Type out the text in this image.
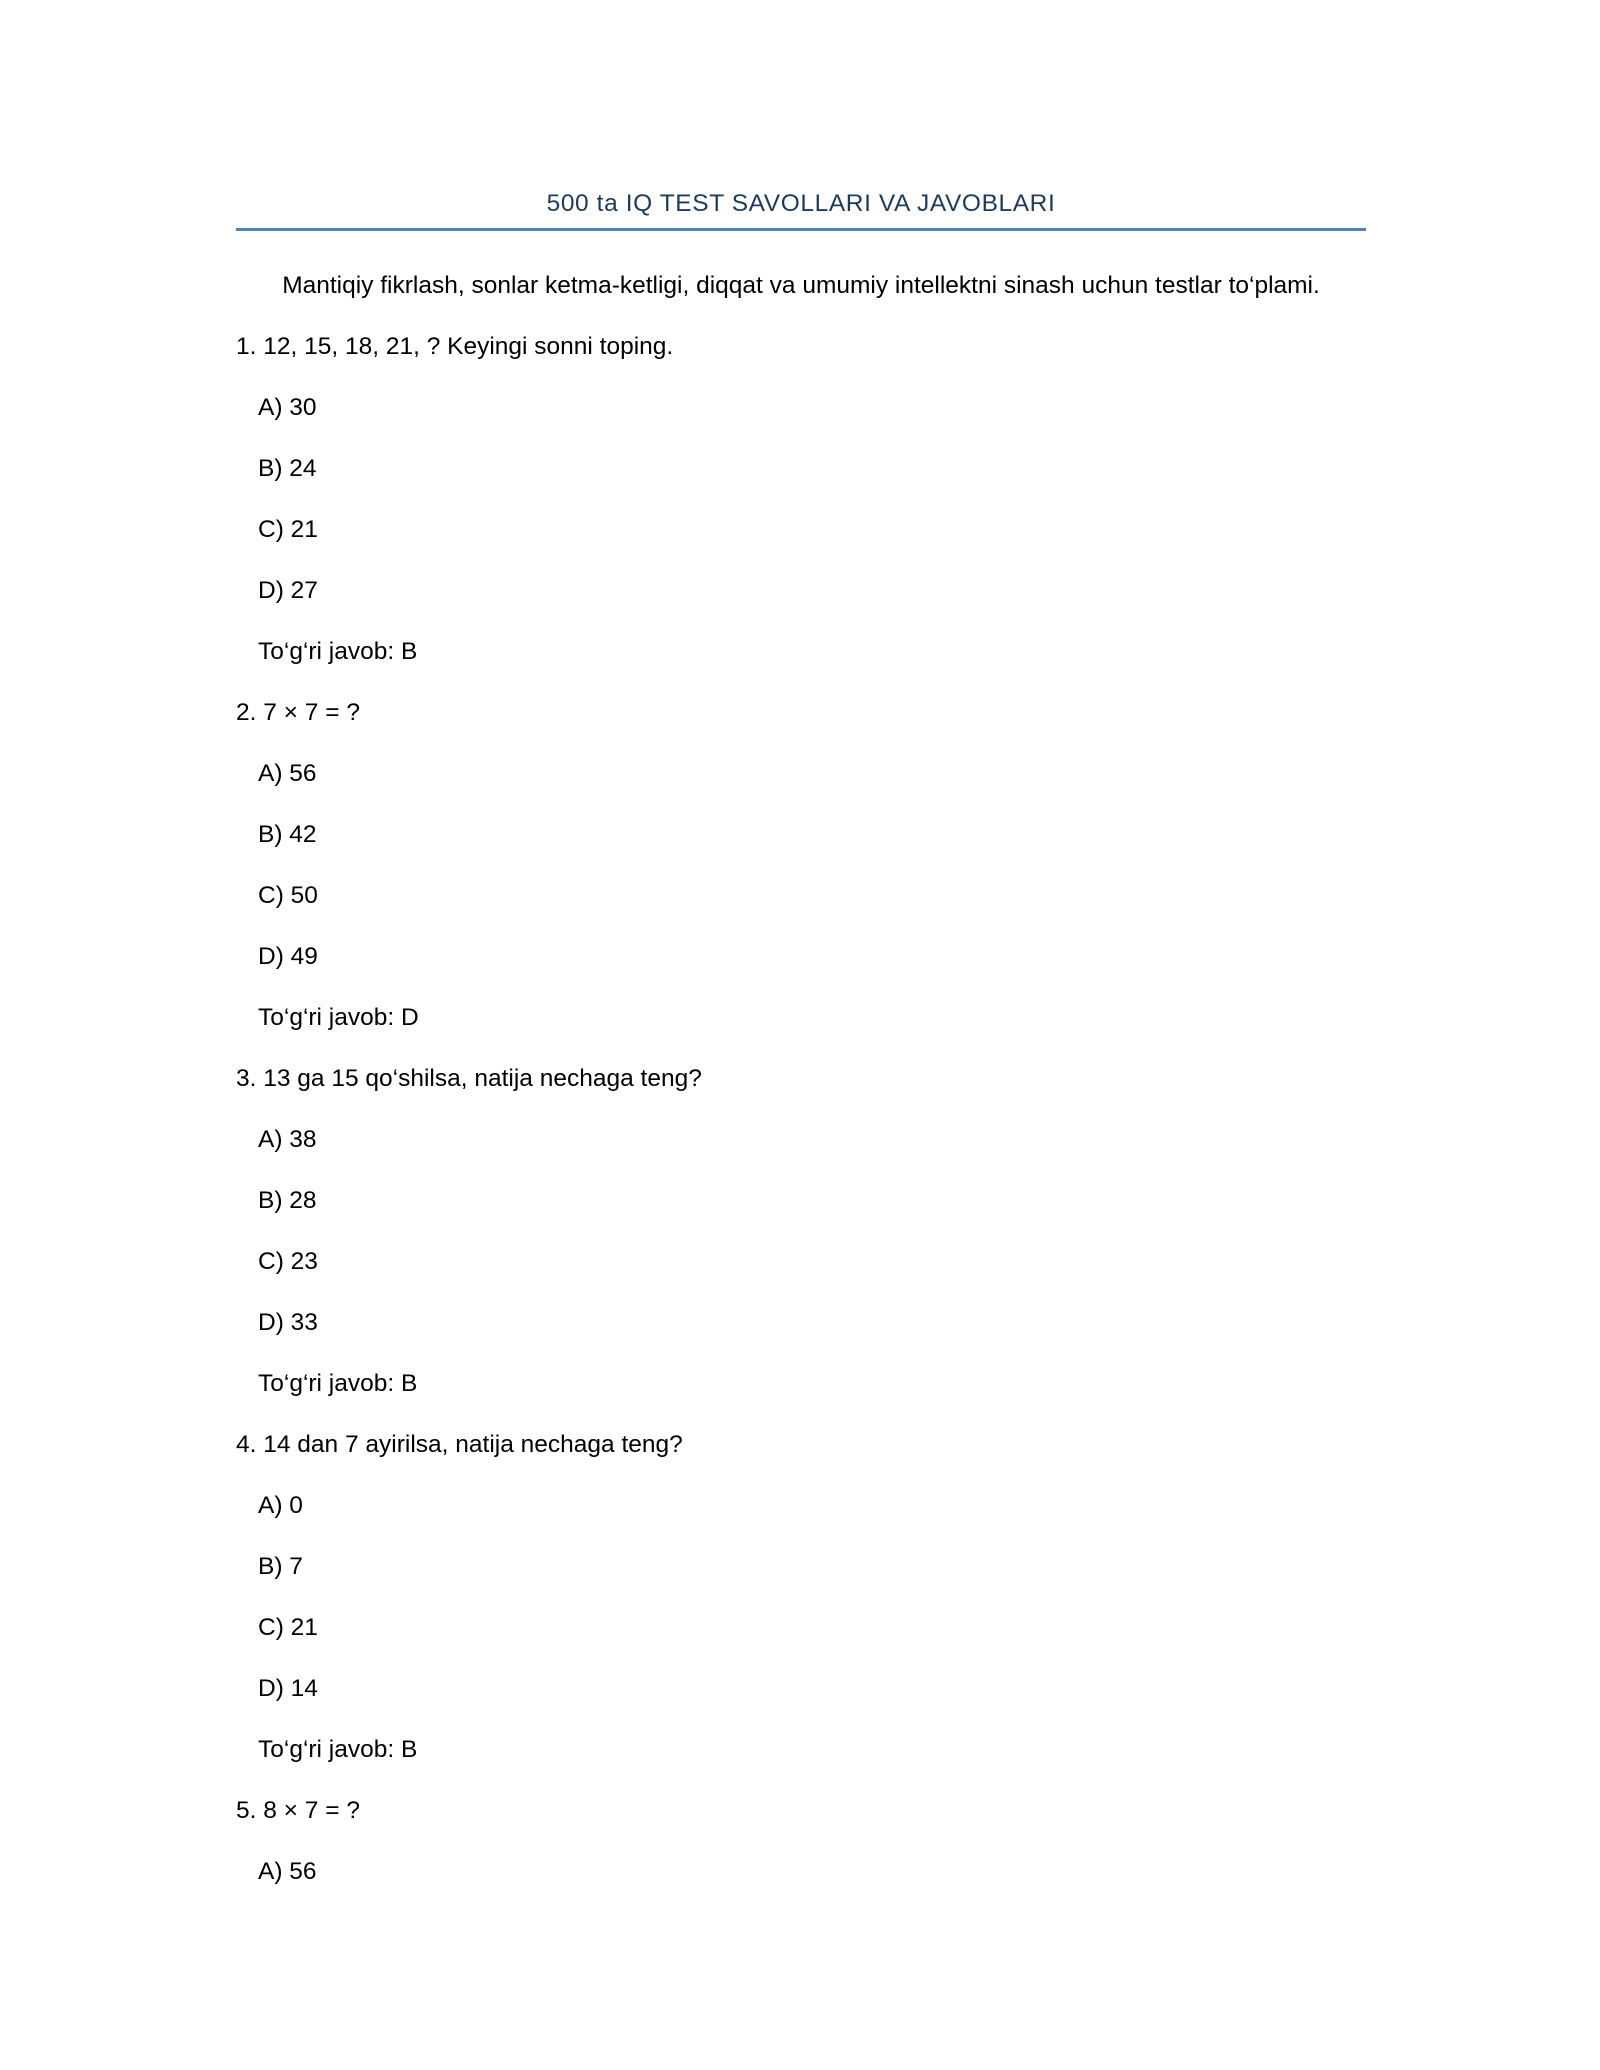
500 ta IQ TEST SAVOLLARI VA JAVOBLARI
Mantiqiy fikrlash, sonlar ketma-ketligi, diqqat va umumiy intellektni sinash uchun testlar to‘plami.
1. 12, 15, 18, 21, ? Keyingi sonni toping.
A) 30
B) 24
C) 21
D) 27
To‘g‘ri javob: B
2. 7 × 7 = ?
A) 56
B) 42
C) 50
D) 49
To‘g‘ri javob: D
3. 13 ga 15 qo‘shilsa, natija nechaga teng?
A) 38
B) 28
C) 23
D) 33
To‘g‘ri javob: B
4. 14 dan 7 ayirilsa, natija nechaga teng?
A) 0
B) 7
C) 21
D) 14
To‘g‘ri javob: B
5. 8 × 7 = ?
A) 56
